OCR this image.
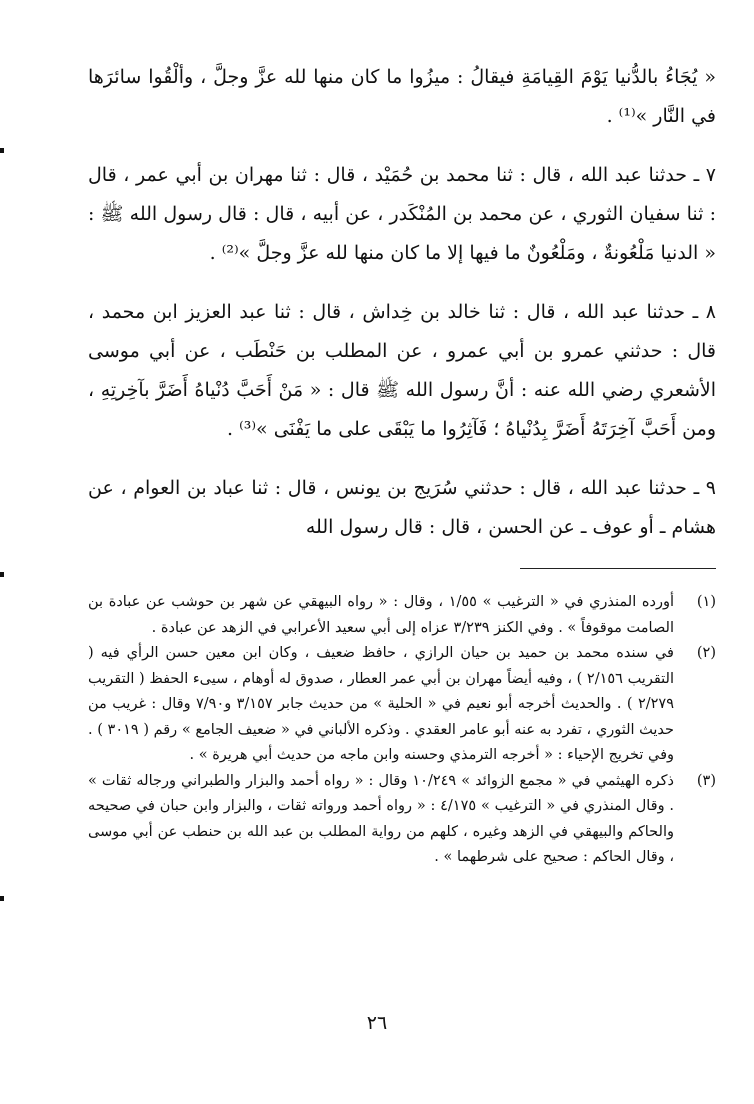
« يُجَاءُ بالدُّنيا يَوْمَ القِيامَةِ فيقالُ : ميزُوا ما كان منها لله عزَّ وجلَّ ، وألْقُوا سائرَها في النَّار »⁽¹⁾ .

٧ ـ حدثنا عبد الله ، قال : ثنا محمد بن حُمَيْد ، قال : ثنا مهران بن أبي عمر ، قال : ثنا سفيان الثوري ، عن محمد بن المُنْكَدر ، عن أبيه ، قال : قال رسول الله ﷺ : « الدنيا مَلْعُونةٌ ، ومَلْعُونٌ ما فيها إلا ما كان منها لله عزَّ وجلَّ »⁽²⁾ .

٨ ـ حدثنا عبد الله ، قال : ثنا خالد بن خِداش ، قال : ثنا عبد العزيز ابن محمد ، قال : حدثني عمرو بن أبي عمرو ، عن المطلب بن حَنْطَب ، عن أبي موسى الأشعري رضي الله عنه : أنَّ رسول الله ﷺ قال : « مَنْ أَحَبَّ دُنْياهُ أَضَرَّ بآخِرتِهِ ، ومن أَحَبَّ آخِرَتَهُ أَضَرَّ بِدُنْياهُ ؛ فَآثِرُوا ما يَبْقَى على ما يَفْنَى »⁽³⁾ .

٩ ـ حدثنا عبد الله ، قال : حدثني سُرَيج بن يونس ، قال : ثنا عباد بن العوام ، عن هشام ـ أو عوف ـ عن الحسن ، قال : قال رسول الله

(١)
أورده المنذري في « الترغيب » ١/٥٥ ، وقال : « رواه البيهقي عن شهر بن حوشب عن عبادة بن الصامت موقوفاً » . وفي الكنز ٣/٢٣٩ عزاه إلى أبي سعيد الأعرابي في الزهد عن عبادة .

(٢)
في سنده محمد بن حميد بن حيان الرازي ، حافظ ضعيف ، وكان ابن معين حسن الرأي فيه ( التقريب ٢/١٥٦ ) ، وفيه أيضاً مهران بن أبي عمر العطار ، صدوق له أوهام ، سيىء الحفظ ( التقريب ٢/٢٧٩ ) . والحديث أخرجه أبو نعيم في « الحلية » من حديث جابر ٣/١٥٧ و٧/٩٠ وقال : غريب من حديث الثوري ، تفرد به عنه أبو عامر العقدي . وذكره الألباني في « ضعيف الجامع » رقم ( ٣٠١٩ ) . وفي تخريج الإحياء : « أخرجه الترمذي وحسنه وابن ماجه من حديث أبي هريرة » .

(٣)
ذكره الهيثمي في « مجمع الزوائد » ١٠/٢٤٩ وقال : « رواه أحمد والبزار والطبراني ورجاله ثقات » . وقال المنذري في « الترغيب » ٤/١٧٥ : « رواه أحمد ورواته ثقات ، والبزار وابن حبان في صحيحه والحاكم والبيهقي في الزهد وغيره ، كلهم من رواية المطلب بن عبد الله بن حنطب عن أبي موسى ، وقال الحاكم : صحيح على شرطهما » .

٢٦
